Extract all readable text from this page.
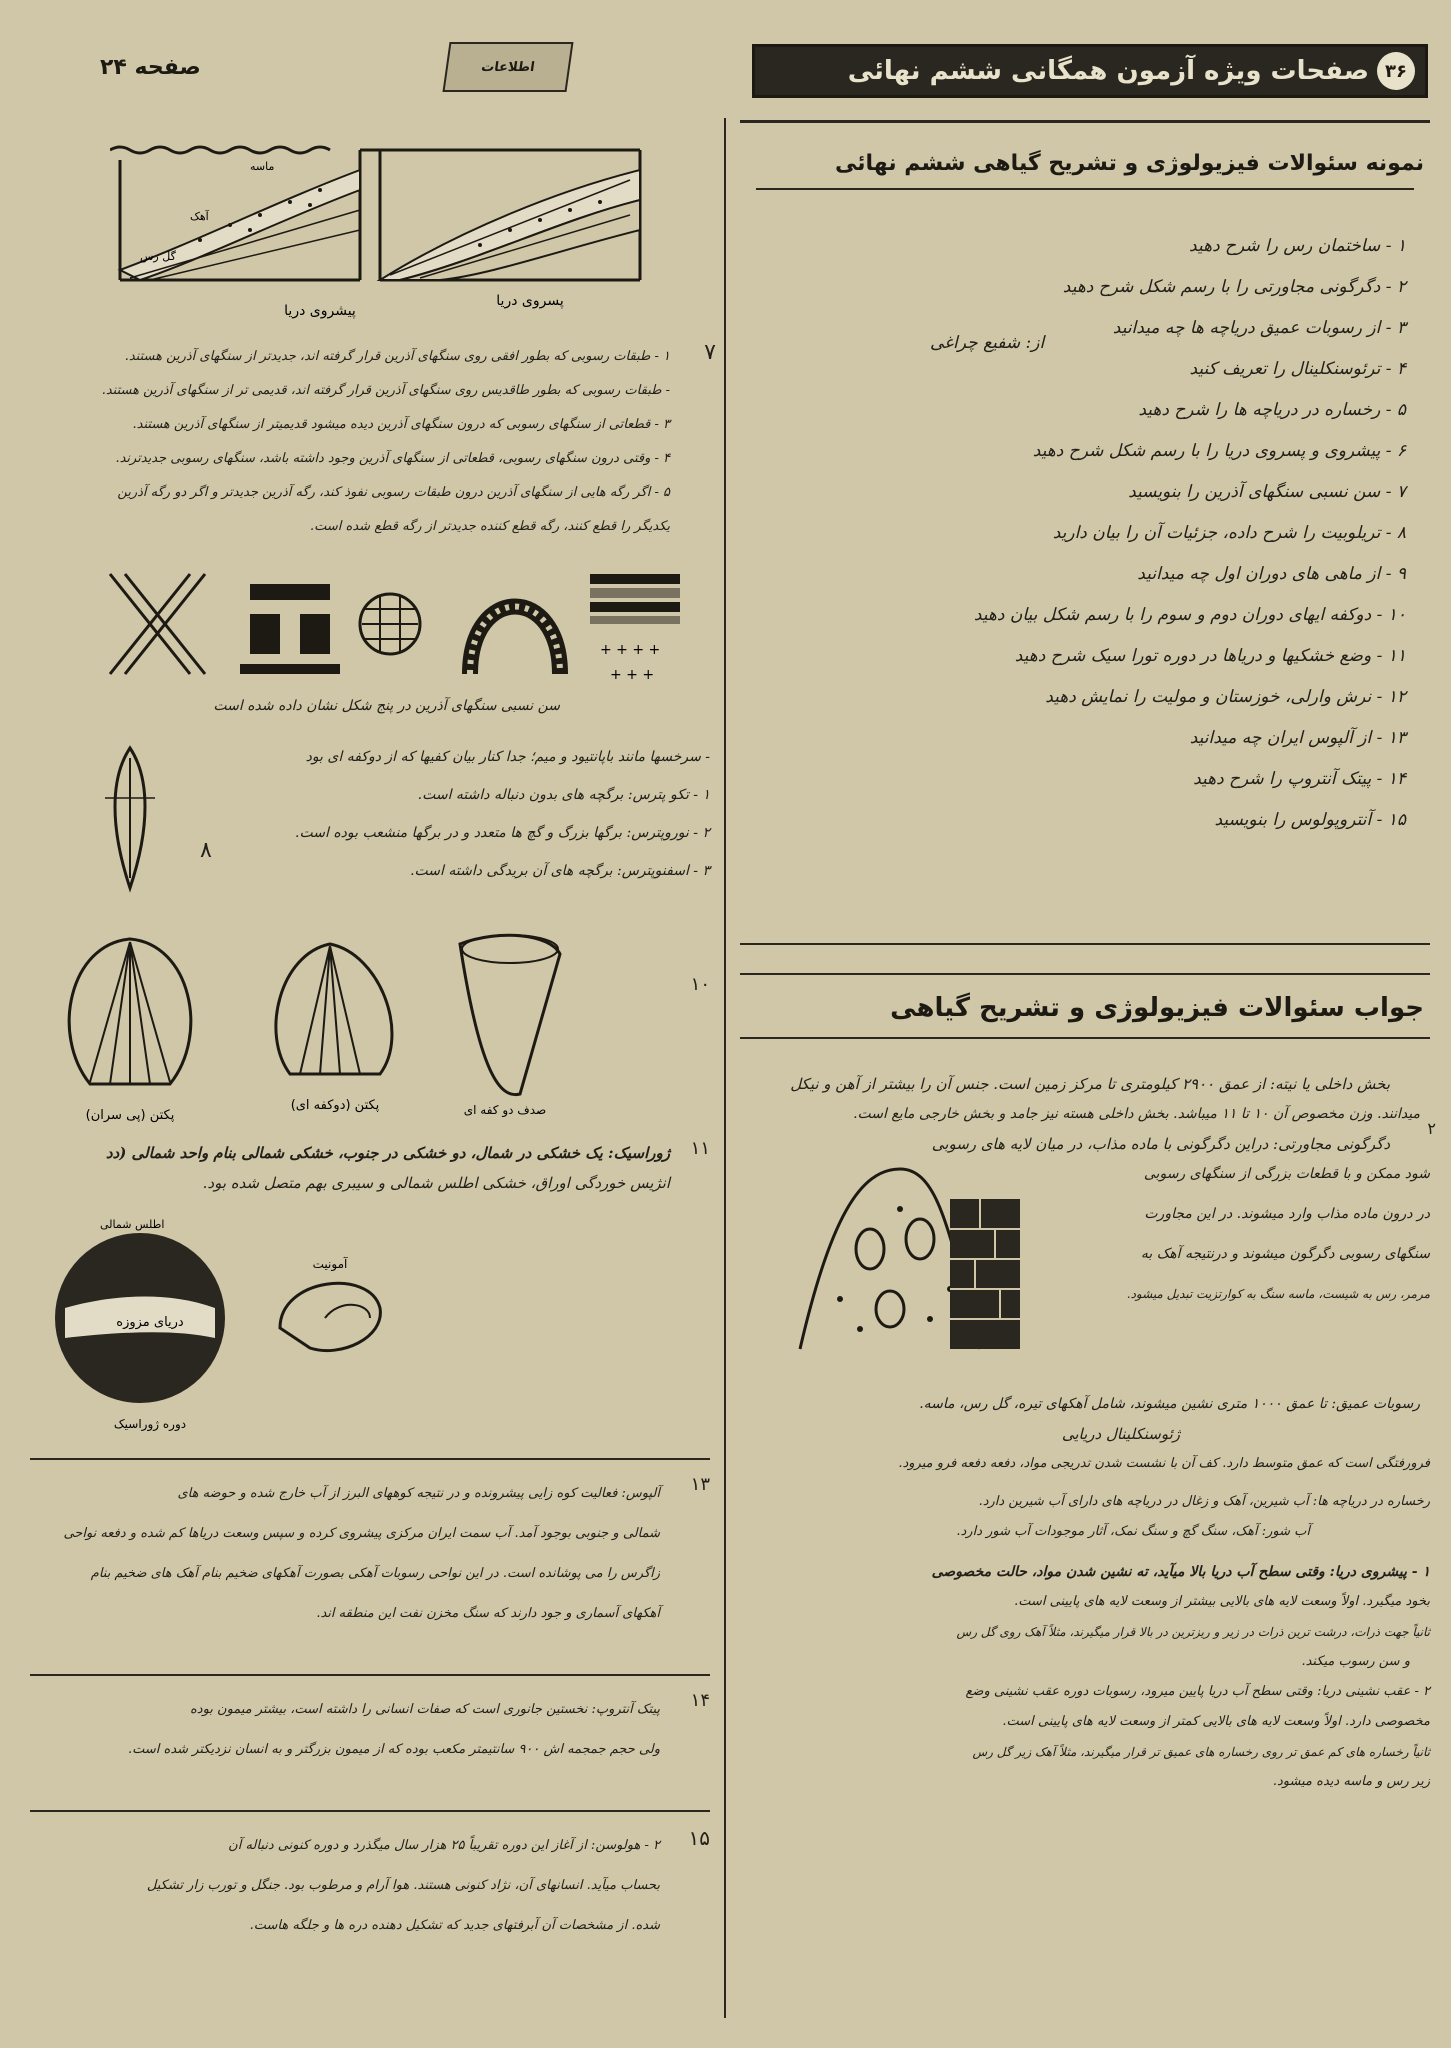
صفحه ۲۴	اطلاعات	صفحات ویژه آزمون همگانی ششم نهائی ۳۶
نمونه سئوالات فیزیولوژی و تشریح گیاهی ششم نهائی
از: شفیع چراغی
۱ - ساختمان رس را شرح دهید
۲ - دگرگونی مجاورتی را با رسم شکل شرح دهید
۳ - از رسوبات عمیق دریاچه ها چه میدانید
۴ - ترئوسنکلینال را تعریف کنید
۵ - رخساره در دریاچه ها را شرح دهید
۶ - پیشروی و پسروی دریا را با رسم شکل شرح دهید
۷ - سن نسبی سنگهای آذرین را بنویسید
۸ - تریلوبیت را شرح داده، جزئیات آن را بیان دارید
۹ - از ماهی های دوران اول چه میدانید
۱۰ - دوکفه ایهای دوران دوم و سوم را با رسم شکل بیان دهید
۱۱ - وضع خشکیها و دریاها در دوره تورا سیک شرح دهید
۱۲ - نرش وارلی، خوزستان و مولیت را نمایش دهید
۱۳ - از آلپوس ایران چه میدانید
۱۴ - پیتک آنتروپ را شرح دهید
۱۵ - آنتروپولوس را بنویسید
جواب سئوالات فیزیولوژی و تشریح گیاهی
بخش داخلی یا نیته: از عمق ۲۹۰۰ کیلومتری تا مرکز زمین است. جنس آن را بیشتر از آهن و نیکل
میدانند. وزن مخصوص آن ۱۰ تا ۱۱ میباشد. بخش داخلی هسته نیز جامد و بخش خارجی مایع است.
دگرگونی مجاورتی: دراین دگرگونی با ماده مذاب، در میان لایه های رسوبی
شود ممکن و با قطعات بزرگی از سنگهای رسوبی
در درون ماده مذاب وارد میشوند. در این مجاورت
سنگهای رسوبی دگرگون میشوند و درنتیجه آهک به
مرمر، رس به شیست، ماسه سنگ به کوارتزیت تبدیل میشود.
۲
رسوبات عمیق: تا عمق ۱۰۰۰ متری نشین میشوند، شامل آهکهای تیره، گل رس، ماسه.
ژئوسنکلینال دریایی
فرورفتگی است که عمق متوسط دارد. کف آن با نشست شدن تدریجی مواد، دفعه دفعه فرو میرود.
رخساره در دریاچه ها: آب شیرین، آهک و زغال در دریاچه های دارای آب شیرین دارد.
آب شور: آهک، سنگ گچ و سنگ نمک، آثار موجودات آب شور دارد.
۱ - پیشروی دریا: وقتی سطح آب دریا بالا میآید، ته نشین شدن مواد، حالت مخصوصی
بخود میگیرد. اولاً وسعت لایه های بالایی بیشتر از وسعت لایه های پایینی است.
ثانیاً جهت ذرات، درشت ترین ذرات در زیر و ریزترین در بالا قرار میگیرند، مثلاً آهک روی گل رس
و سن رسوب میکند.
۲ - عقب نشینی دریا: وقتی سطح آب دریا پایین میرود، رسوبات دوره عقب نشینی وضع
مخصوصی دارد. اولاً وسعت لایه های بالایی کمتر از وسعت لایه های پایینی است.
ثانیاً رخساره های کم عمق تر روی رخساره های عمیق تر قرار میگیرند، مثلاً آهک زیر گل رس
زیر رس و ماسه دیده میشود.
پسروی دریا
پیشروی دریا
ماسه
گل رس
آهک
۷
۱ - طبقات رسوبی که بطور افقی روی سنگهای آذرین قرار گرفته اند، جدیدتر از سنگهای آذرین هستند.
- طبقات رسوبی که بطور طاقدیس روی سنگهای آذرین قرار گرفته اند، قدیمی تر از سنگهای آذرین هستند.
۳ - قطعاتی از سنگهای رسوبی که درون سنگهای آذرین دیده میشود قدیمیتر از سنگهای آذرین هستند.
۴ - وقتی درون سنگهای رسوبی، قطعاتی از سنگهای آذرین وجود داشته باشد، سنگهای رسوبی جدیدترند.
۵ - اگر رگه هایی از سنگهای آذرین درون طبقات رسوبی نفوذ کند، رگه آذرین جدیدتر و اگر دو رگه آذرین
یکدیگر را قطع کنند، رگه قطع کننده جدیدتر از رگه قطع شده است.
+ + + +
+ + +
سن نسبی سنگهای آذرین در پنج شکل نشان داده شده است
۸
- سرخسها مانند باپانتیود و میم؛ جدا کنار بیان کفیها که از دوکفه ای بود
۱ - تکو پترس: برگچه های بدون دنباله داشته است.
۲ - نوروپترس: برگها بزرگ و گچ ها متعدد و در برگها منشعب بوده است.
۳ - اسفنوپترس: برگچه های آن بریدگی داشته است.
۱۰
پکتن (پی سران)
پکتن (دوکفه ای)	صدف دو کفه ای
۱۱
ژوراسیک: یک خشکی در شمال، دو خشکی در جنوب، خشکی شمالی بنام واحد شمالی (دد
انژیس خوردگی اوراق، خشکی اطلس شمالی و سیبری بهم متصل شده بود.
دریای مزوزه
اطلس شمالی
دوره ژوراسیک
آمونیت
۱۳
آلپوس: فعالیت کوه زایی پیشرونده و در نتیجه کوههای البرز از آب خارج شده و حوضه های
شمالی و جنوبی بوجود آمد. آب سمت ایران مرکزی پیشروی کرده و سپس وسعت دریاها کم شده و دفعه نواحی
زاگرس را می پوشانده است. در این نواحی رسوبات آهکی بصورت آهکهای ضخیم بنام آهک های ضخیم بنام
آهکهای آسماری و جود دارند که سنگ مخزن نفت این منطقه اند.
۱۴
پیتک آنتروپ: نخستین جانوری است که صفات انسانی را داشته است، بیشتر میمون بوده
ولی حجم جمجمه اش ۹۰۰ سانتیمتر مکعب بوده که از میمون بزرگتر و به انسان نزدیکتر شده است.
۱۵
۲ - هولوسن: از آغاز این دوره تقریباً ۲۵ هزار سال میگذرد و دوره کنونی دنباله آن
بحساب میآید. انسانهای آن، نژاد کنونی هستند. هوا آرام و مرطوب بود. جنگل و تورب زار تشکیل
شده. از مشخصات آن آبرفتهای جدید که تشکیل دهنده دره ها و جلگه هاست.
